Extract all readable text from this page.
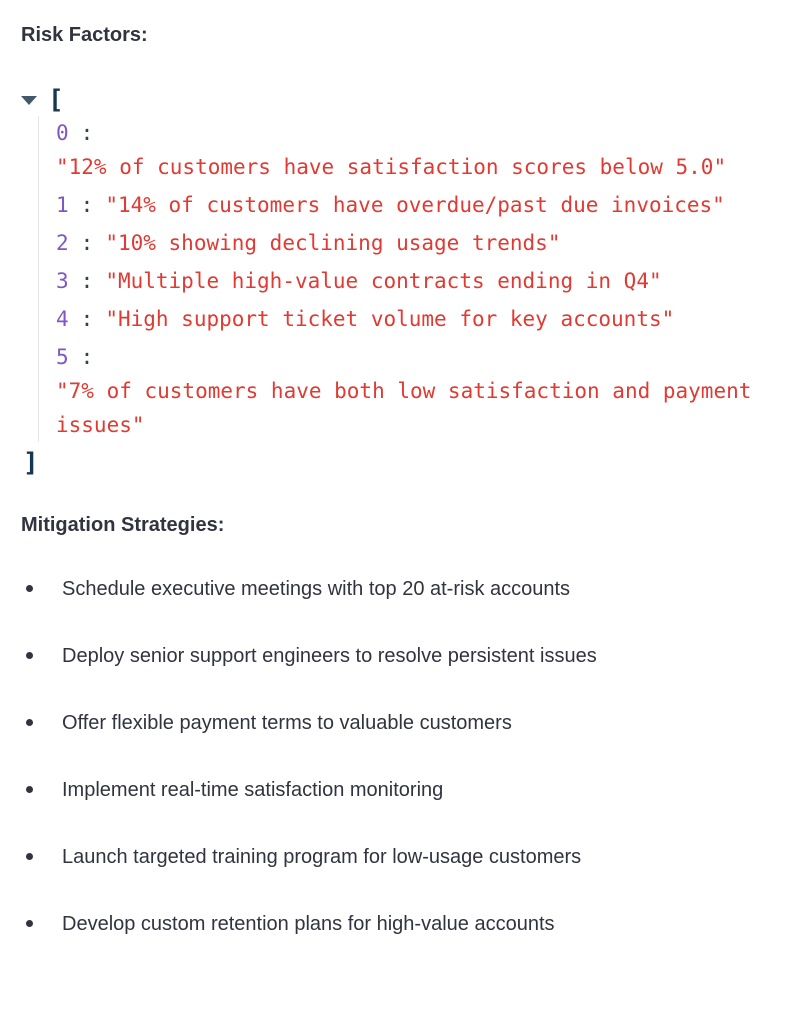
Risk Factors:
[
0 :"12% of customers have satisfaction scores below 5.0"
1 : "14% of customers have overdue/past due invoices"
2 : "10% showing declining usage trends"
3 : "Multiple high-value contracts ending in Q4"
4 : "High support ticket volume for key accounts"
5 :"7% of customers have both low satisfaction and payment issues"
]
Mitigation Strategies:
Schedule executive meetings with top 20 at-risk accounts
Deploy senior support engineers to resolve persistent issues
Offer flexible payment terms to valuable customers
Implement real-time satisfaction monitoring
Launch targeted training program for low-usage customers
Develop custom retention plans for high-value accounts
